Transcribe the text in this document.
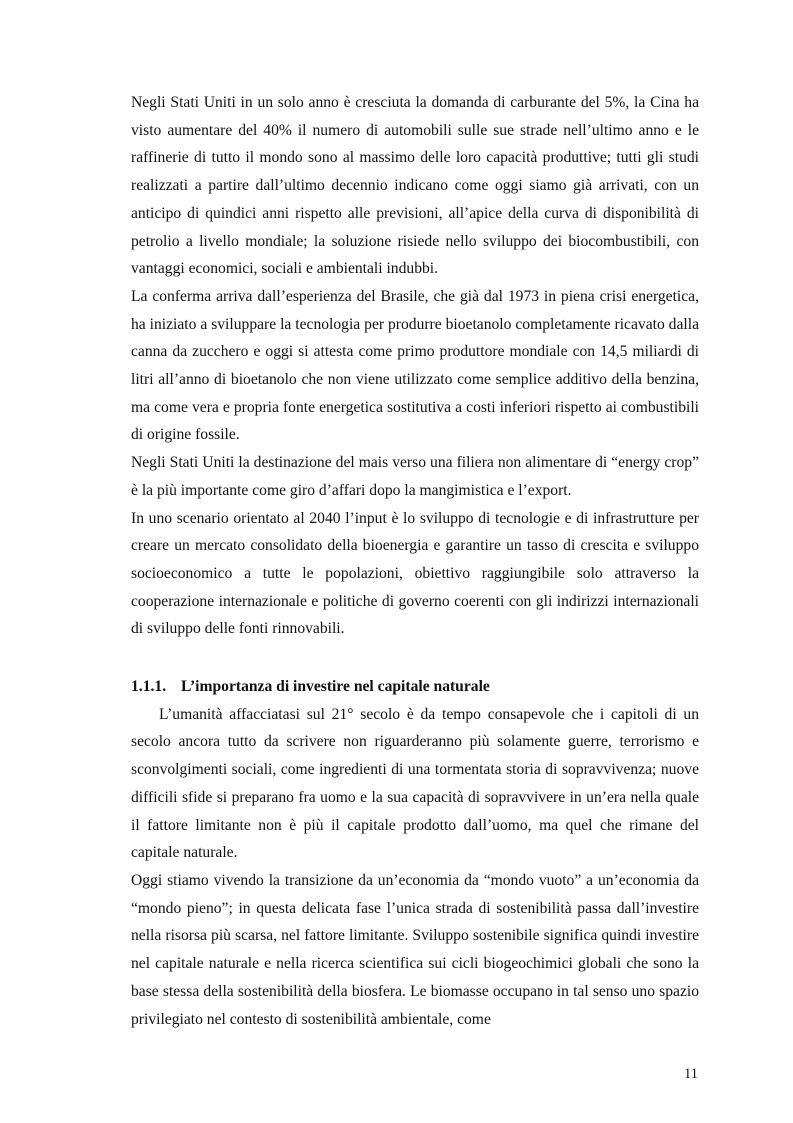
Negli Stati Uniti in un solo anno è cresciuta la domanda di carburante del 5%, la Cina ha visto aumentare del 40% il numero di automobili sulle sue strade nell’ultimo anno e le raffinerie di tutto il mondo sono al massimo delle loro capacità produttive; tutti gli studi realizzati a partire dall’ultimo decennio indicano come oggi siamo già arrivati, con un anticipo di quindici anni rispetto alle previsioni, all’apice della curva di disponibilità di petrolio a livello mondiale; la soluzione risiede nello sviluppo dei biocombustibili, con vantaggi economici, sociali e ambientali indubbi.

La conferma arriva dall’esperienza del Brasile, che già dal 1973 in piena crisi energetica, ha iniziato a sviluppare la tecnologia per produrre bioetanolo completamente ricavato dalla canna da zucchero e oggi si attesta come primo produttore mondiale con 14,5 miliardi di litri all’anno di bioetanolo che non viene utilizzato come semplice additivo della benzina, ma come vera e propria fonte energetica sostitutiva a costi inferiori rispetto ai combustibili di origine fossile.

Negli Stati Uniti la destinazione del mais verso una filiera non alimentare di “energy crop” è la più importante come giro d’affari dopo la mangimistica e l’export.

In uno scenario orientato al 2040 l’input è lo sviluppo di tecnologie e di infrastrutture per creare un mercato consolidato della bioenergia e garantire un tasso di crescita e sviluppo socioeconomico a tutte le popolazioni, obiettivo raggiungibile solo attraverso la cooperazione internazionale e politiche di governo coerenti con gli indirizzi internazionali di sviluppo delle fonti rinnovabili.

1.1.1. L’importanza di investire nel capitale naturale

L’umanità affacciatasi sul 21° secolo è da tempo consapevole che i capitoli di un secolo ancora tutto da scrivere non riguarderanno più solamente guerre, terrorismo e sconvolgimenti sociali, come ingredienti di una tormentata storia di sopravvivenza; nuove difficili sfide si preparano fra uomo e la sua capacità di sopravvivere in un’era nella quale il fattore limitante non è più il capitale prodotto dall’uomo, ma quel che rimane del capitale naturale.

Oggi stiamo vivendo la transizione da un’economia da “mondo vuoto” a un’economia da “mondo pieno”; in questa delicata fase l’unica strada di sostenibilità passa dall’investire nella risorsa più scarsa, nel fattore limitante. Sviluppo sostenibile significa quindi investire nel capitale naturale e nella ricerca scientifica sui cicli biogeochimici globali che sono la base stessa della sostenibilità della biosfera. Le biomasse occupano in tal senso uno spazio privilegiato nel contesto di sostenibilità ambientale, come

11
